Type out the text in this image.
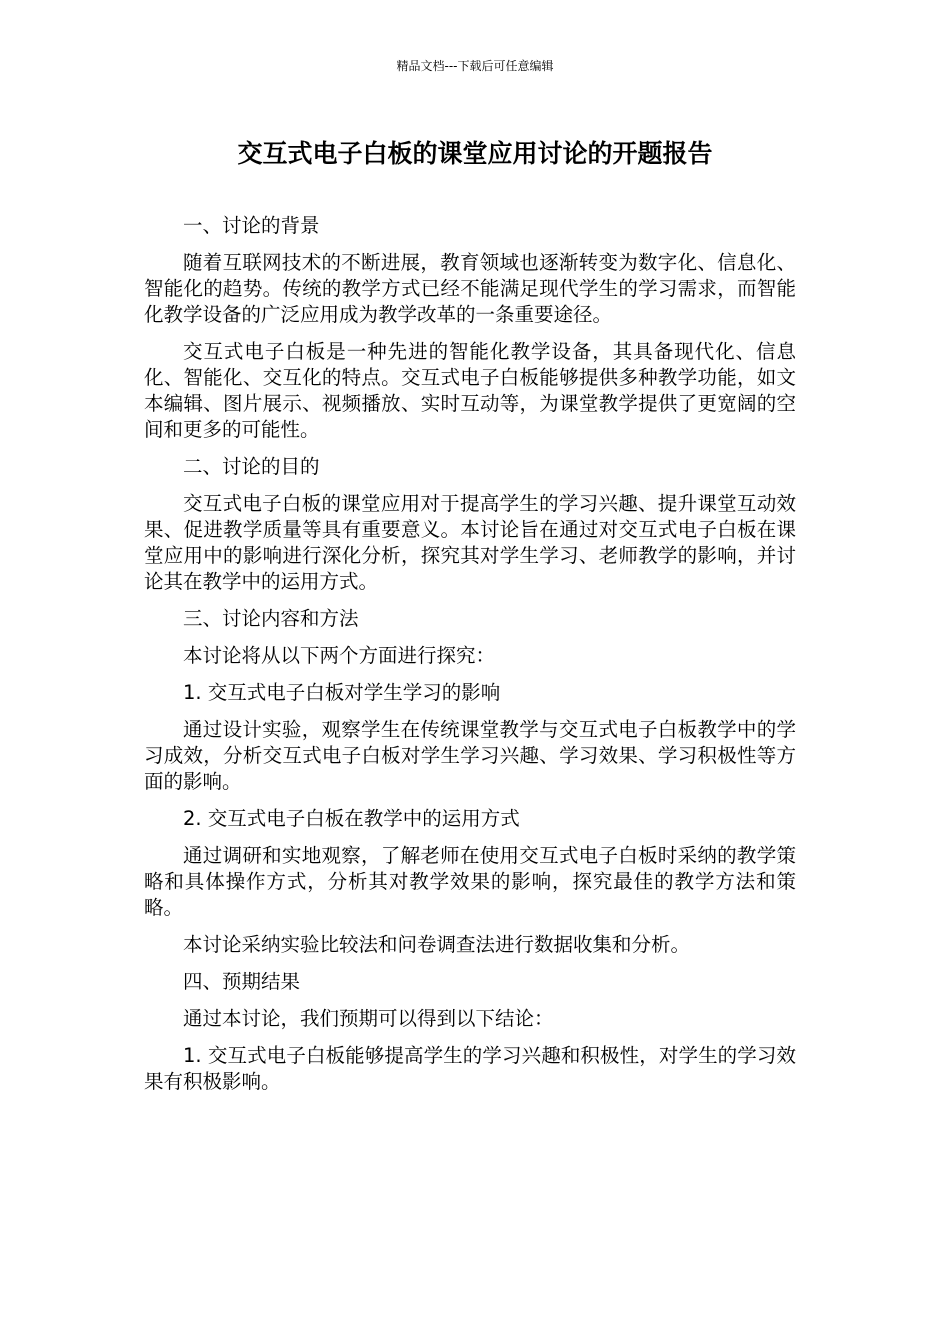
精品文档---下载后可任意编辑
交互式电子白板的课堂应用讨论的开题报告

一、讨论的背景

随着互联网技术的不断进展，教育领域也逐渐转变为数字化、信息化、智能化的趋势。传统的教学方式已经不能满足现代学生的学习需求，而智能化教学设备的广泛应用成为教学改革的一条重要途径。

交互式电子白板是一种先进的智能化教学设备，其具备现代化、信息化、智能化、交互化的特点。交互式电子白板能够提供多种教学功能，如文本编辑、图片展示、视频播放、实时互动等，为课堂教学提供了更宽阔的空间和更多的可能性。

二、讨论的目的

交互式电子白板的课堂应用对于提高学生的学习兴趣、提升课堂互动效果、促进教学质量等具有重要意义。本讨论旨在通过对交互式电子白板在课堂应用中的影响进行深化分析，探究其对学生学习、老师教学的影响，并讨论其在教学中的运用方式。

三、讨论内容和方法

本讨论将从以下两个方面进行探究：

1. 交互式电子白板对学生学习的影响

通过设计实验，观察学生在传统课堂教学与交互式电子白板教学中的学习成效，分析交互式电子白板对学生学习兴趣、学习效果、学习积极性等方面的影响。

2. 交互式电子白板在教学中的运用方式

通过调研和实地观察，了解老师在使用交互式电子白板时采纳的教学策略和具体操作方式，分析其对教学效果的影响，探究最佳的教学方法和策略。

本讨论采纳实验比较法和问卷调查法进行数据收集和分析。

四、预期结果

通过本讨论，我们预期可以得到以下结论：

1. 交互式电子白板能够提高学生的学习兴趣和积极性，对学生的学习效果有积极影响。
